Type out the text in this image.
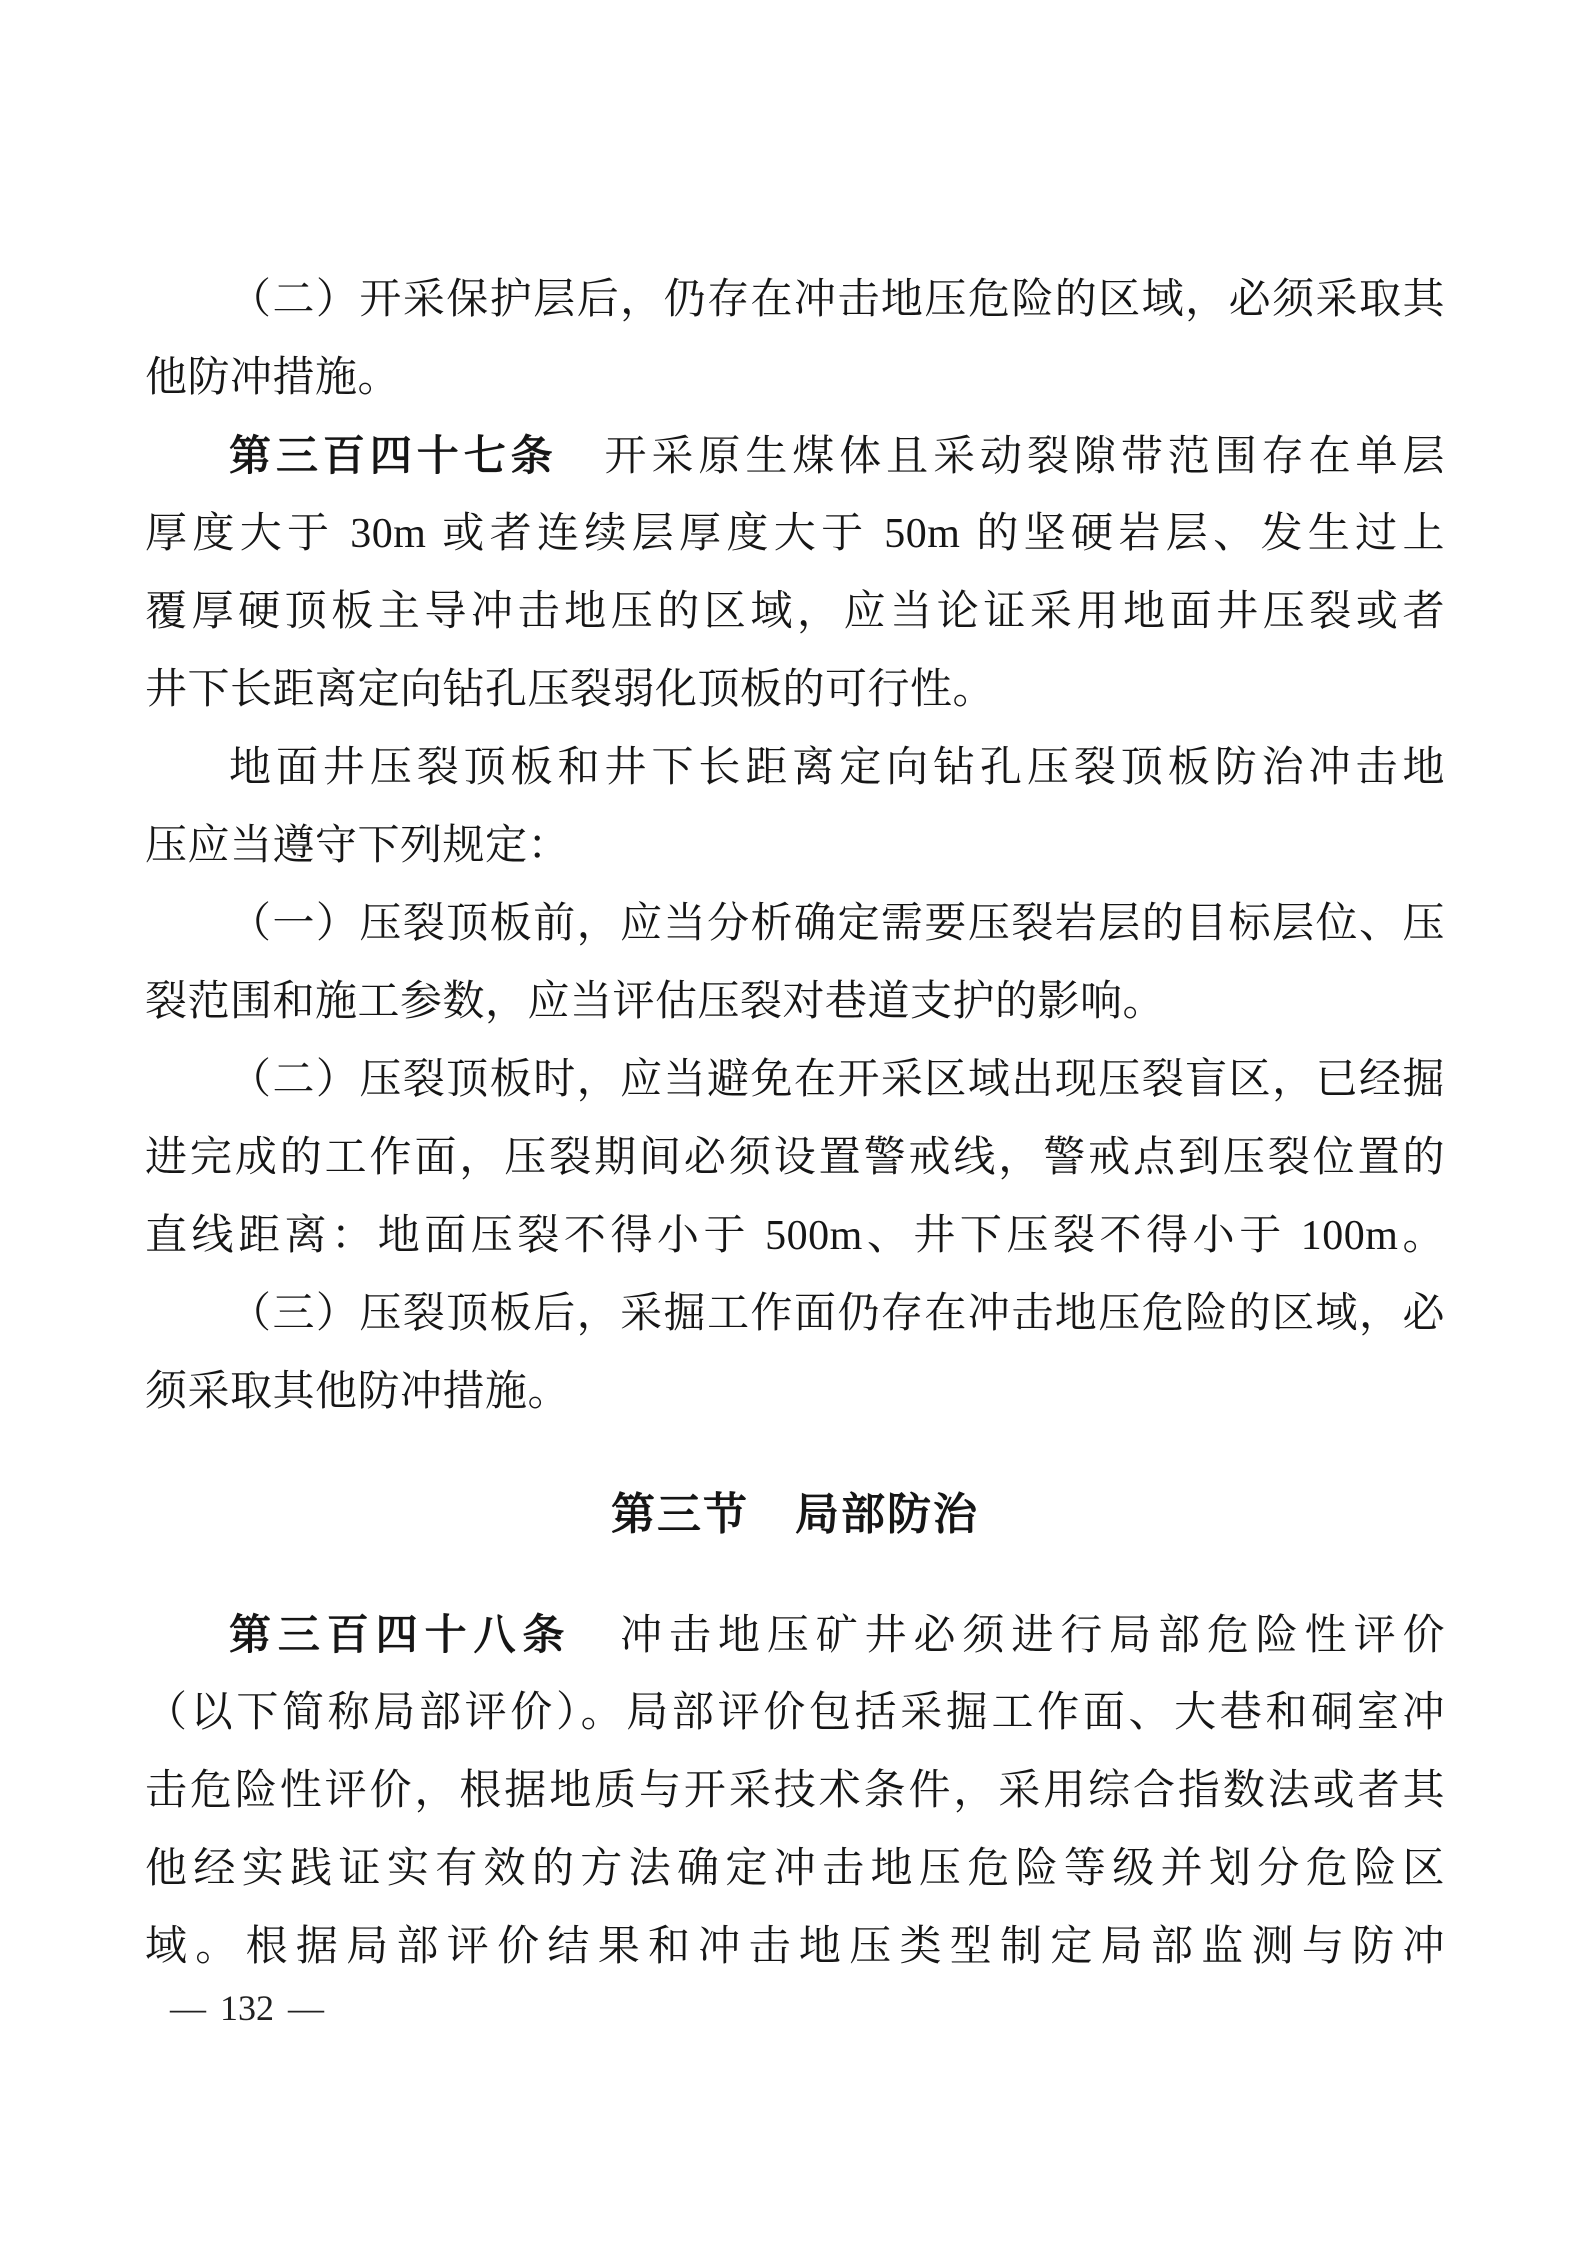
（二）开采保护层后，仍存在冲击地压危险的区域，必须采取其
他防冲措施。
第三百四十七条　开采原生煤体且采动裂隙带范围存在单层
厚度大于 30m 或者连续层厚度大于 50m 的坚硬岩层、发生过上
覆厚硬顶板主导冲击地压的区域，应当论证采用地面井压裂或者
井下长距离定向钻孔压裂弱化顶板的可行性。
地面井压裂顶板和井下长距离定向钻孔压裂顶板防治冲击地
压应当遵守下列规定：
（一）压裂顶板前，应当分析确定需要压裂岩层的目标层位、压
裂范围和施工参数，应当评估压裂对巷道支护的影响。
（二）压裂顶板时，应当避免在开采区域出现压裂盲区，已经掘
进完成的工作面，压裂期间必须设置警戒线，警戒点到压裂位置的
直线距离：地面压裂不得小于 500m、井下压裂不得小于 100m。
（三）压裂顶板后，采掘工作面仍存在冲击地压危险的区域，必
须采取其他防冲措施。
第三节　局部防治
第三百四十八条　冲击地压矿井必须进行局部危险性评价
（以下简称局部评价）。局部评价包括采掘工作面、大巷和硐室冲
击危险性评价，根据地质与开采技术条件，采用综合指数法或者其
他经实践证实有效的方法确定冲击地压危险等级并划分危险区
域。根据局部评价结果和冲击地压类型制定局部监测与防冲
— 132 —
